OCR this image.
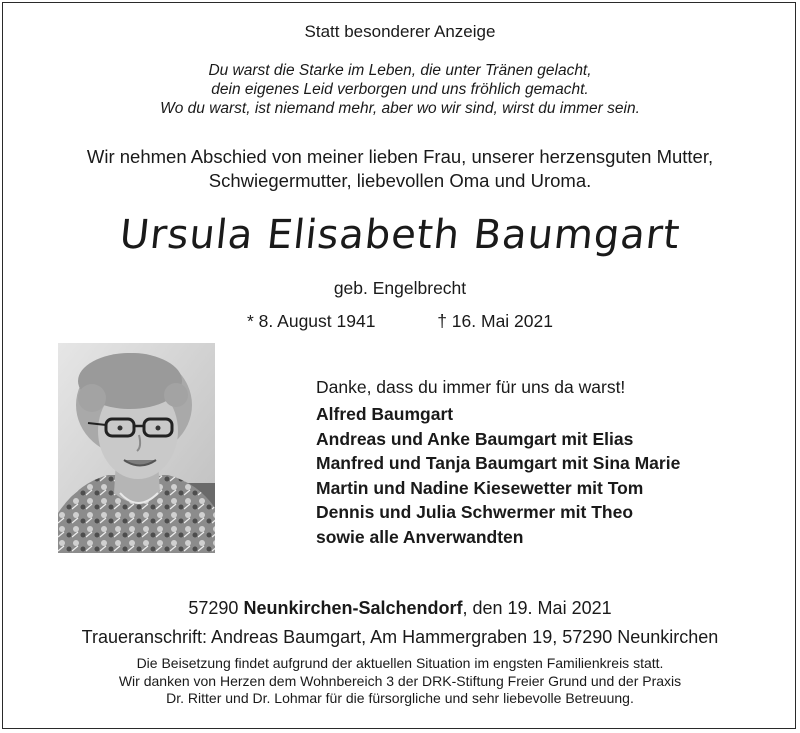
Statt besonderer Anzeige
Du warst die Starke im Leben, die unter Tränen gelacht,
dein eigenes Leid verborgen und uns fröhlich gemacht.
Wo du warst, ist niemand mehr, aber wo wir sind, wirst du immer sein.
Wir nehmen Abschied von meiner lieben Frau, unserer herzensguten Mutter,
Schwiegermutter, liebevollen Oma und Uroma.
Ursula Elisabeth Baumgart
geb. Engelbrecht
* 8. August 1941	† 16. Mai 2021
Danke, dass du immer für uns da warst!
Alfred Baumgart
Andreas und Anke Baumgart mit Elias
Manfred und Tanja Baumgart mit Sina Marie
Martin und Nadine Kiesewetter mit Tom
Dennis und Julia Schwermer mit Theo
sowie alle Anverwandten
57290 Neunkirchen-Salchendorf, den 19. Mai 2021
Traueranschrift: Andreas Baumgart, Am Hammergraben 19, 57290 Neunkirchen
Die Beisetzung findet aufgrund der aktuellen Situation im engsten Familienkreis statt.
Wir danken von Herzen dem Wohnbereich 3 der DRK-Stiftung Freier Grund und der Praxis
Dr. Ritter und Dr. Lohmar für die fürsorgliche und sehr liebevolle Betreuung.
